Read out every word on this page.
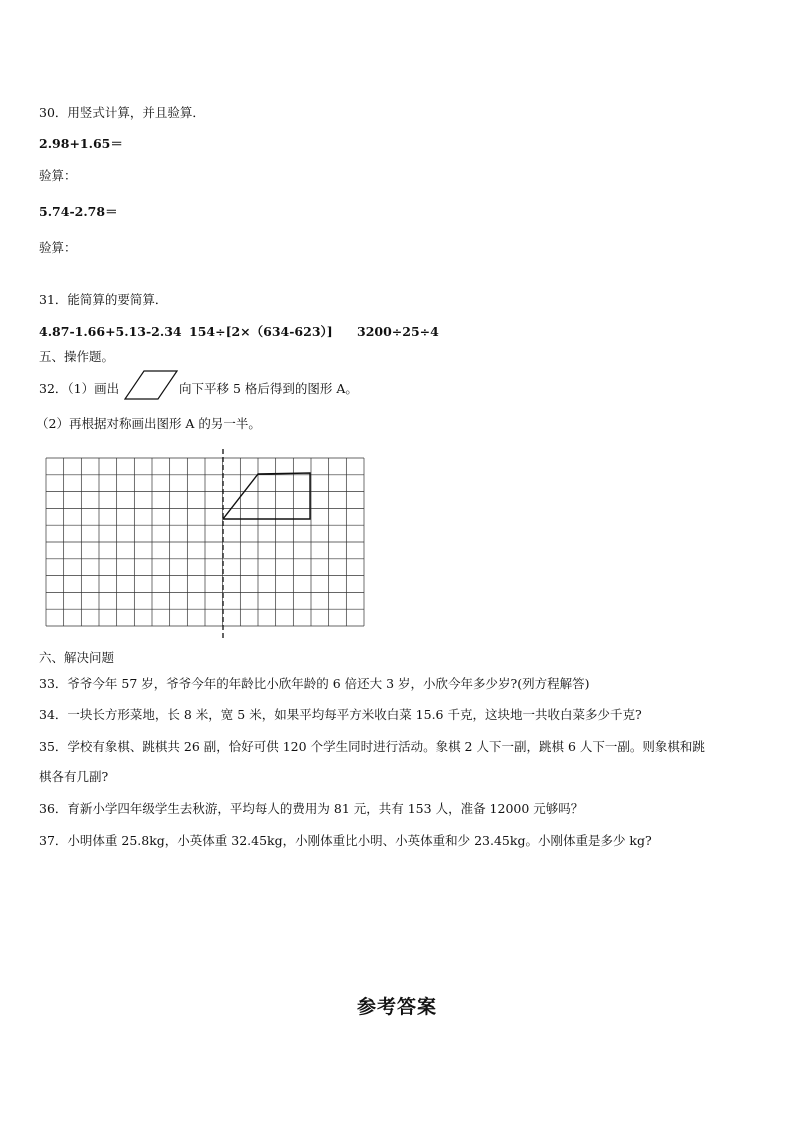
30．用竖式计算，并且验算．
2.98+1.65＝
验算：
5.74-2.78＝
验算：
31．能简算的要简算．
4.87-1.66+5.13-2.34 154÷[2×（634-623）] 3200÷25÷4
五、操作题。
32．（1）画出	向下平移 5 格后得到的图形 A。
（2）再根据对称画出图形 A 的另一半。
六、解决问题
33．爷爷今年 57 岁，爷爷今年的年龄比小欣年龄的 6 倍还大 3 岁，小欣今年多少岁?(列方程解答)
34．一块长方形菜地，长 8 米，宽 5 米，如果平均每平方米收白菜 15.6 千克，这块地一共收白菜多少千克?
35．学校有象棋、跳棋共 26 副，恰好可供 120 个学生同时进行活动。象棋 2 人下一副，跳棋 6 人下一副。则象棋和跳
棋各有几副?
36．育新小学四年级学生去秋游，平均每人的费用为 81 元，共有 153 人，准备 12000 元够吗？
37．小明体重 25.8kg，小英体重 32.45kg，小刚体重比小明、小英体重和少 23.45kg。小刚体重是多少 kg?
参考答案
